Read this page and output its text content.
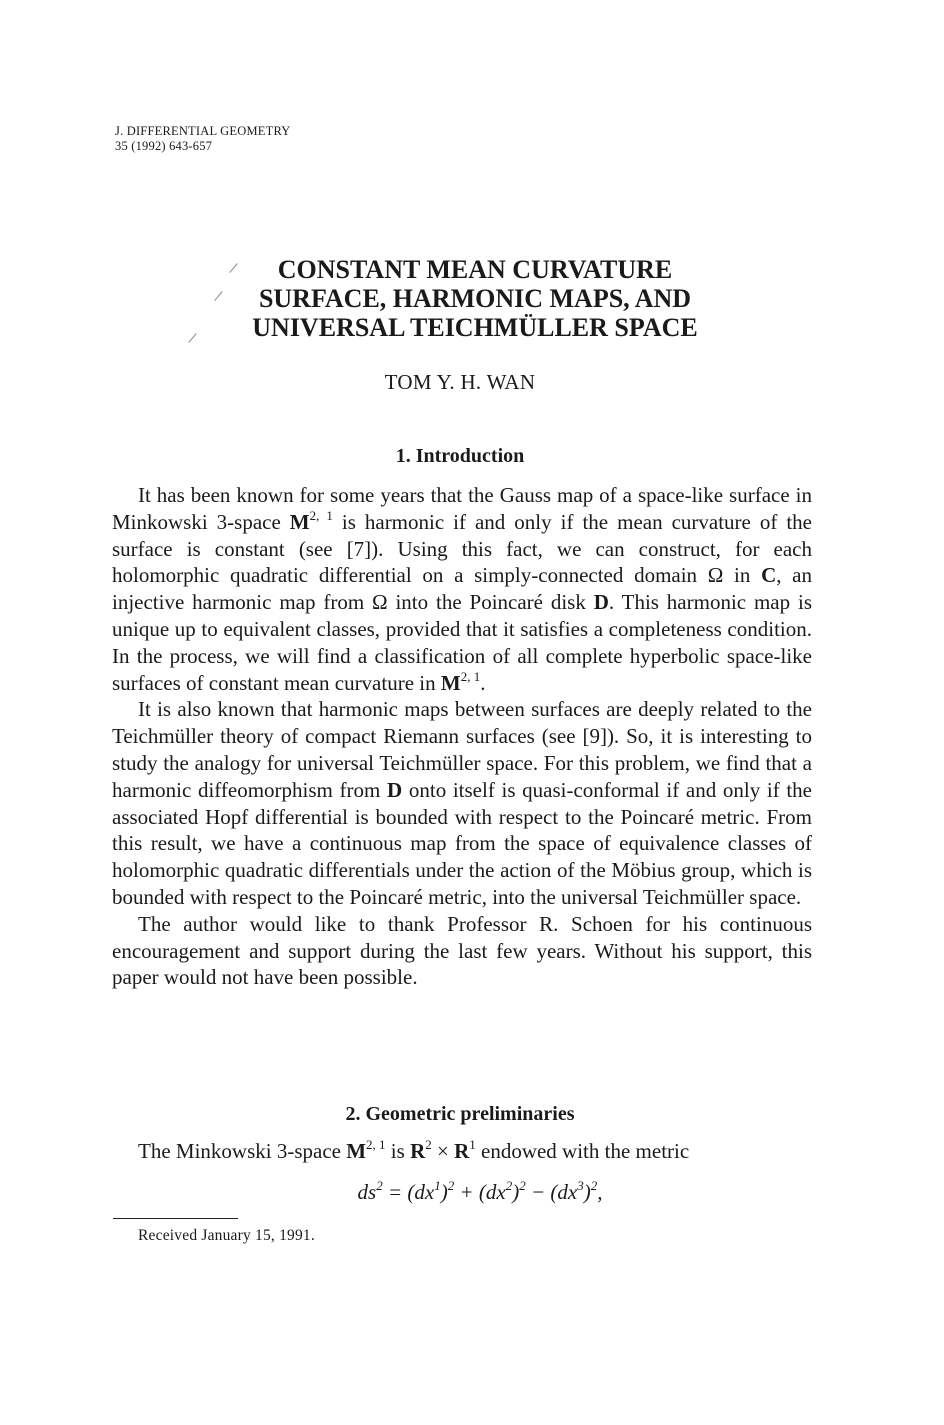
J. DIFFERENTIAL GEOMETRY
35 (1992) 643-657
CONSTANT MEAN CURVATURE
SURFACE, HARMONIC MAPS, AND
UNIVERSAL TEICHMÜLLER SPACE
TOM Y. H. WAN
1. Introduction

It has been known for some years that the Gauss map of a space-like surface in Minkowski 3-space M$^{2, 1}$ is harmonic if and only if the mean curvature of the surface is constant (see [7]). Using this fact, we can construct, for each holomorphic quadratic differential on a simply-connected domain Ω in C, an injective harmonic map from Ω into the Poincaré disk D. This harmonic map is unique up to equivalent classes, provided that it satisfies a completeness condition. In the process, we will find a classification of all complete hyperbolic space-like surfaces of constant mean curvature in M$^{2, 1}$.

It is also known that harmonic maps between surfaces are deeply related to the Teichmüller theory of compact Riemann surfaces (see [9]). So, it is interesting to study the analogy for universal Teichmüller space. For this problem, we find that a harmonic diffeomorphism from D onto itself is quasi-conformal if and only if the associated Hopf differential is bounded with respect to the Poincaré metric. From this result, we have a continuous map from the space of equivalence classes of holomorphic quadratic differentials under the action of the Möbius group, which is bounded with respect to the Poincaré metric, into the universal Teichmüller space.

The author would like to thank Professor R. Schoen for his continuous encouragement and support during the last few years. Without his support, this paper would not have been possible.

2. Geometric preliminaries

The Minkowski 3-space M$^{2, 1}$ is $R^2 \times R^1$ endowed with the metric

$ds^2 = (dx^1)^2 + (dx^2)^2 - (dx^3)^2$,
Received January 15, 1991.
